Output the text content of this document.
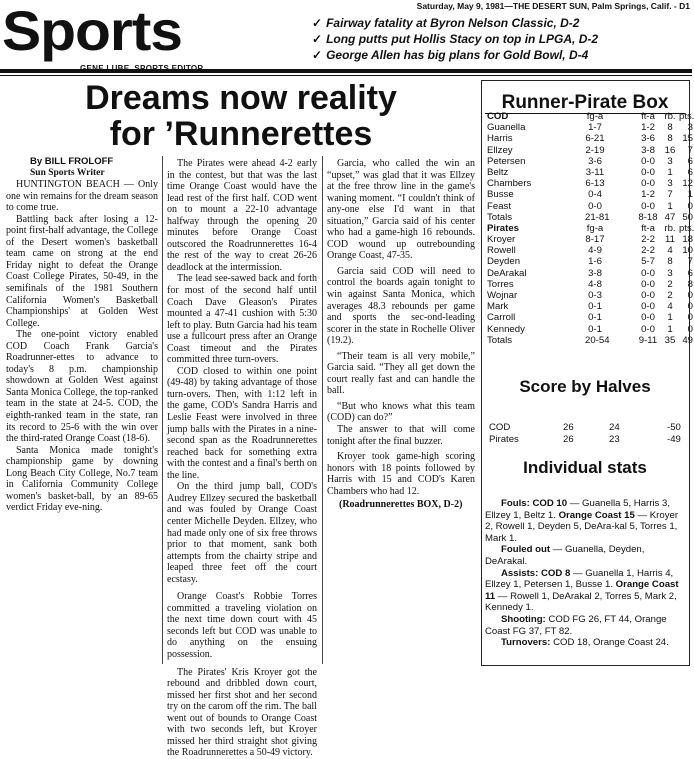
Sports	Saturday, May 9, 1981—THE DESERT SUN, Palm Springs, Calif. - D1
✓ Fairway fatality at Byron Nelson Classic, D-2
✓ Long putts put Hollis Stacy on top in LPGA, D-2
✓ George Allen has big plans for Gold Bowl, D-4
Dreams now reality
for ’Runnerettes

By BILL FROLOFF

Sun Sports Writer

HUNTINGTON BEACH — Only one win remains for the dream season to come true.

Battling back after losing a 12-point first-half advantage, the College of the Desert women's basketball team came on strong at the end Friday night to defeat the Orange Coast College Pirates, 50-49, in the semifinals of the 1981 Southern California Women's Basketball Championships' at Golden West College.

The one-point victory enabled COD Coach Frank Garcia's Roadrunner-ettes to advance to today's 8 p.m. championship showdown at Golden West against Santa Monica College, the top-ranked team in the state at 24-5. COD, the eighth-ranked team in the state, ran its record to 25-6 with the win over the third-rated Orange Coast (18-6).

Santa Monica made tonight's championship game by downing Long Beach City College, No.7 team in California Community College women's basket-ball, by an 89-65 verdict Friday eve-ning.

The Pirates were ahead 4-2 early in the contest, but that was the last time Orange Coast would have the lead rest of the first half. COD went on to mount a 22-10 advantage halfway through the opening 20 minutes before Orange Coast outscored the Roadrunnerettes 16-4 the rest of the way to creat 26-26 deadlock at the intermission.

The lead see-sawed back and forth for most of the second half until Coach Dave Gleason's Pirates mounted a 47-41 cushion with 5:30 left to play. Butn Garcia had his team use a fullcourt press after an Orange Coast timeout and the Pirates committed three turn-overs.

COD closed to within one point (49-48) by taking advantage of those turn-overs. Then, with 1:12 left in the game, COD's Sandra Harris and Leslie Feast were involved in three jump balls with the Pirates in a nine-second span as the Roadrunnerettes reached back for something extra with the contest and a final's berth on the line.

On the third jump ball, COD's Audrey Ellzey secured the basketball and was fouled by Orange Coast center Michelle Deyden. Ellzey, who had made only one of six free throws prior to that moment, sank both attempts from the chairty stripe and leaped three feet off the court ecstasy.

Orange Coast's Robbie Torres committed a traveling violation on the next time down court with 45 seconds left but COD was unable to do anything on the ensuing possession.

The Pirates' Kris Kroyer got the rebound and dribbled down court, missed her first shot and her second try on the carom off the rim. The ball went out of bounds to Orange Coast with two seconds left, but Kroyer missed her third straight shot giving the Roadrunnerettes a 50-49 victory.

Garcia, who called the win an “upset,” was glad that it was Ellzey at the free throw line in the game's waning moment. “I couldn't think of any-one else I'd want in that situation,” Garcia said of his center who had a game-high 16 rebounds. COD wound up outrebounding Orange Coast, 47-35.

Garcia said COD will need to control the boards again tonight to win against Santa Monica, which averages 48.3 rebounds per game and sports the sec-ond-leading scorer in the state in Rochelle Oliver (19.2).

“Their team is all very mobile,” Garcia said. “They all get down the court really fast and can handle the ball.

“But who knows what this team (COD) can do?”

The answer to that will come tonight after the final buzzer.

Kroyer took game-high scoring honors with 18 points followed by Harris with 15 and COD's Karen Chambers who had 12.

(Roadrunnerettes BOX, D-2)

Runner-Pirate Box
COD	fg-a	ft-a rb. pts.
Guanella	1-7	1-2	8	3
Harris	6-21	3-6	8	15
Ellzey	2-19	3-8	16	7
Petersen	3-6	0-0	3	6
Beltz	3-11	0-0	1	6
Chambers	6-13	0-0	3	12
Busse	0-4	1-2	7	1
Feast	0-0	0-0	1	0
Totals	21-81	8-18 47 50
Pirates	fg-a	ft-a rb. pts.
Kroyer	8-17	2-2	11 18
Rowell	4-9	2-2	4	10
Deyden	1-6	5-7	8	7
DeArakal	3-8	0-0	3	6
Torres	4-8	0-0	2	8
Wojnar	0-3	0-0	2	0
Mark	0-1	0-0	4	0
Carroll	0-1	0-0	1	0
Kennedy	0-1	0-0	1	0
Totals	20-54	9-11 35 49
Score by Halves
COD	26	24	-50
Pirates	26	23	-49
Individual stats

Fouls: COD 10 — Guanella 5, Harris 3, Ellzey 1, Beltz 1. Orange Coast 15 — Kroyer 2, Rowell 1, Deyden 5, DeAra-kal 5, Torres 1, Mark 1.

Fouled out — Guanella, Deyden, DeArakal.

Assists: COD 8 — Guanella 1, Harris 4, Ellzey 1, Petersen 1, Busse 1. Orange Coast 11 — Rowell 1, DeArakal 2, Torres 5, Mark 2, Kennedy 1.

Shooting: COD FG 26, FT 44, Orange Coast FG 37, FT 82.

Turnovers: COD 18, Orange Coast 24.
